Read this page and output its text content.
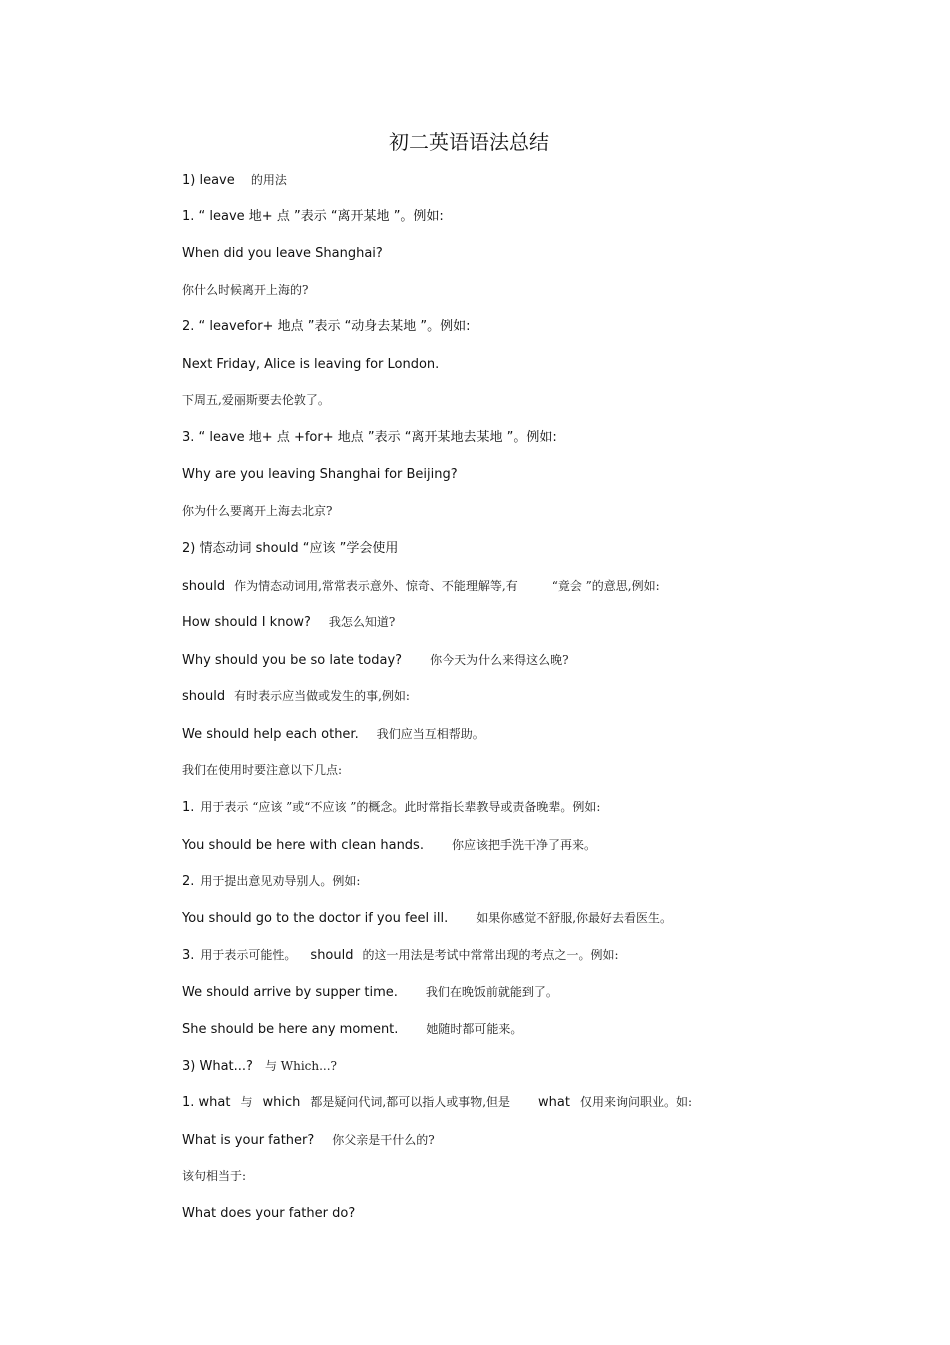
初二英语语法总结
1) leave 的用法
1. “ leave 地+ 点 ”表示 “离开某地 ”。例如:
When did you leave Shanghai?
你什么时候离开上海的?
2. “ leavefor+ 地点 ”表示 “动身去某地 ”。例如:
Next Friday, Alice is leaving for London.
下周五,爱丽斯要去伦敦了。
3. “ leave 地+ 点 +for+ 地点 ”表示 “离开某地去某地 ”。例如:
Why are you leaving Shanghai for Beijing?
你为什么要离开上海去北京?
2) 情态动词 should “应该 ”学会使用
should 作为情态动词用,常常表示意外、惊奇、不能理解等,有	“竟会 ”的意思,例如:
How should I know? 我怎么知道?
Why should you be so late today? 你今天为什么来得这么晚?
should 有时表示应当做或发生的事,例如:
We should help each other. 我们应当互相帮助。
我们在使用时要注意以下几点:
1. 用于表示 “应该 ”或“不应该 ”的概念。此时常指长辈教导或责备晚辈。例如:
You should be here with clean hands. 你应该把手洗干净了再来。
2. 用于提出意见劝导别人。例如:
You should go to the doctor if you feel ill. 如果你感觉不舒服,你最好去看医生。
3. 用于表示可能性。 should 的这一用法是考试中常常出现的考点之一。例如:
We should arrive by supper time. 我们在晚饭前就能到了。
She should be here any moment. 她随时都可能来。
3) What...? 与 Which...?
1. what 与 which 都是疑问代词,都可以指人或事物,但是 what 仅用来询问职业。如:
What is your father? 你父亲是干什么的?
该句相当于:
What does your father do?
